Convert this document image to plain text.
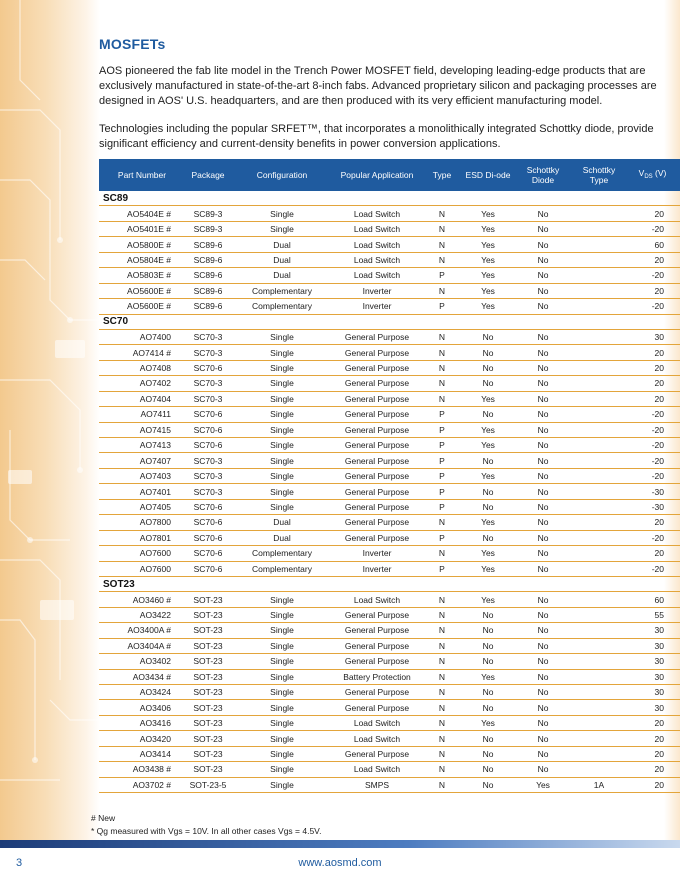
MOSFETs
AOS pioneered the fab lite model in the Trench Power MOSFET field, developing leading-edge products that are exclusively manufactured in state-of-the-art 8-inch fabs. Advanced proprietary silicon and packaging processes are designed in AOS' U.S. headquarters, and are then produced with its very efficient manufacturing model.
Technologies including the popular SRFET™, that incorporates a monolithically integrated Schottky diode, provide significant efficiency and current-density benefits in power conversion applications.
Part Number	Package	Configuration	Popular Application	Type	ESD Di-ode	Schottky Diode	Schottky Type	$V_{DS}$ (V)
SC89								
AO5404E #	SC89-3	Single	Load Switch	N	Yes	No		20
AO5401E #	SC89-3	Single	Load Switch	N	Yes	No		-20
AO5800E #	SC89-6	Dual	Load Switch	N	Yes	No		60
AO5804E #	SC89-6	Dual	Load Switch	N	Yes	No		20
AO5803E #	SC89-6	Dual	Load Switch	P	Yes	No		-20
AO5600E #	SC89-6	Complementary	Inverter	N	Yes	No		20
AO5600E #	SC89-6	Complementary	Inverter	P	Yes	No		-20
SC70								
AO7400	SC70-3	Single	General Purpose	N	No	No		30
AO7414 #	SC70-3	Single	General Purpose	N	No	No		20
AO7408	SC70-6	Single	General Purpose	N	No	No		20
AO7402	SC70-3	Single	General Purpose	N	No	No		20
AO7404	SC70-3	Single	General Purpose	N	Yes	No		20
AO7411	SC70-6	Single	General Purpose	P	No	No		-20
AO7415	SC70-6	Single	General Purpose	P	Yes	No		-20
AO7413	SC70-6	Single	General Purpose	P	Yes	No		-20
AO7407	SC70-3	Single	General Purpose	P	No	No		-20
AO7403	SC70-3	Single	General Purpose	P	Yes	No		-20
AO7401	SC70-3	Single	General Purpose	P	No	No		-30
AO7405	SC70-6	Single	General Purpose	P	No	No		-30
AO7800	SC70-6	Dual	General Purpose	N	Yes	No		20
AO7801	SC70-6	Dual	General Purpose	P	No	No		-20
AO7600	SC70-6	Complementary	Inverter	N	Yes	No		20
AO7600	SC70-6	Complementary	Inverter	P	Yes	No		-20
SOT23								
AO3460 #	SOT-23	Single	Load Switch	N	Yes	No		60
AO3422	SOT-23	Single	General Purpose	N	No	No		55
AO3400A #	SOT-23	Single	General Purpose	N	No	No		30
AO3404A #	SOT-23	Single	General Purpose	N	No	No		30
AO3402	SOT-23	Single	General Purpose	N	No	No		30
AO3434 #	SOT-23	Single	Battery Protection	N	Yes	No		30
AO3424	SOT-23	Single	General Purpose	N	No	No		30
AO3406	SOT-23	Single	General Purpose	N	No	No		30
AO3416	SOT-23	Single	Load Switch	N	Yes	No		20
AO3420	SOT-23	Single	Load Switch	N	No	No		20
AO3414	SOT-23	Single	General Purpose	N	No	No		20
AO3438 #	SOT-23	Single	Load Switch	N	No	No		20
AO3702 #	SOT-23-5	Single	SMPS	N	No	Yes	1A	20
# New
* Qg measured with Vgs = 10V. In all other cases Vgs = 4.5V.
3	www.aosmd.com
